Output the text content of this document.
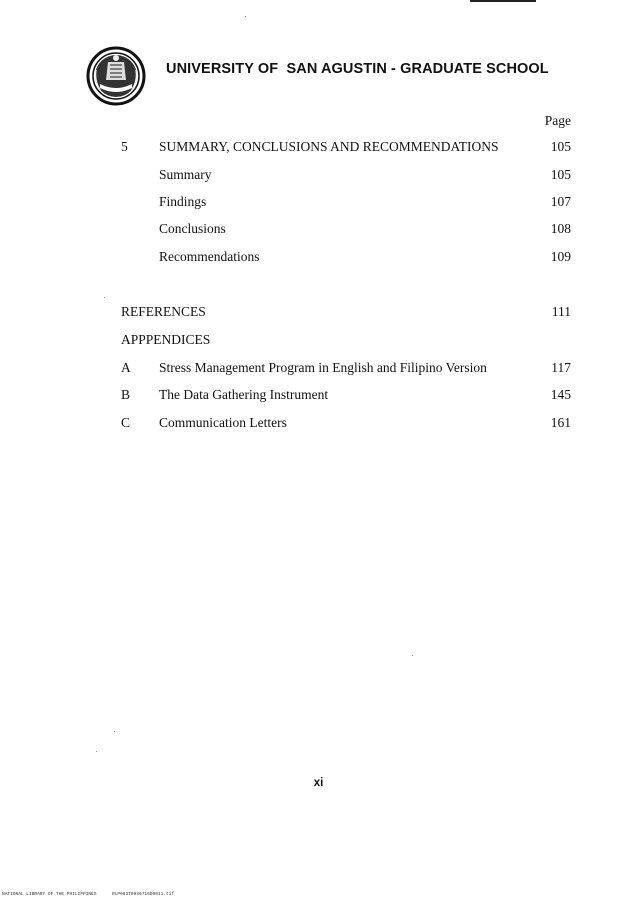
UNIVERSITY OF  SAN AGUSTIN - GRADUATE SCHOOL
Page
5 SUMMARY, CONCLUSIONS AND RECOMMENDATIONS	105
Summary	105
Findings	107
Conclusions	108
Recommendations	109
REFERENCES	111
APPPENDICES
A Stress Management Program in English and Filipino Version	117
B The Data Gathering Instrument	145
C Communication Letters	161
xi
NATIONAL LIBRARY OF THE PHILIPPINES	RLP083T0936716D0011.tif
